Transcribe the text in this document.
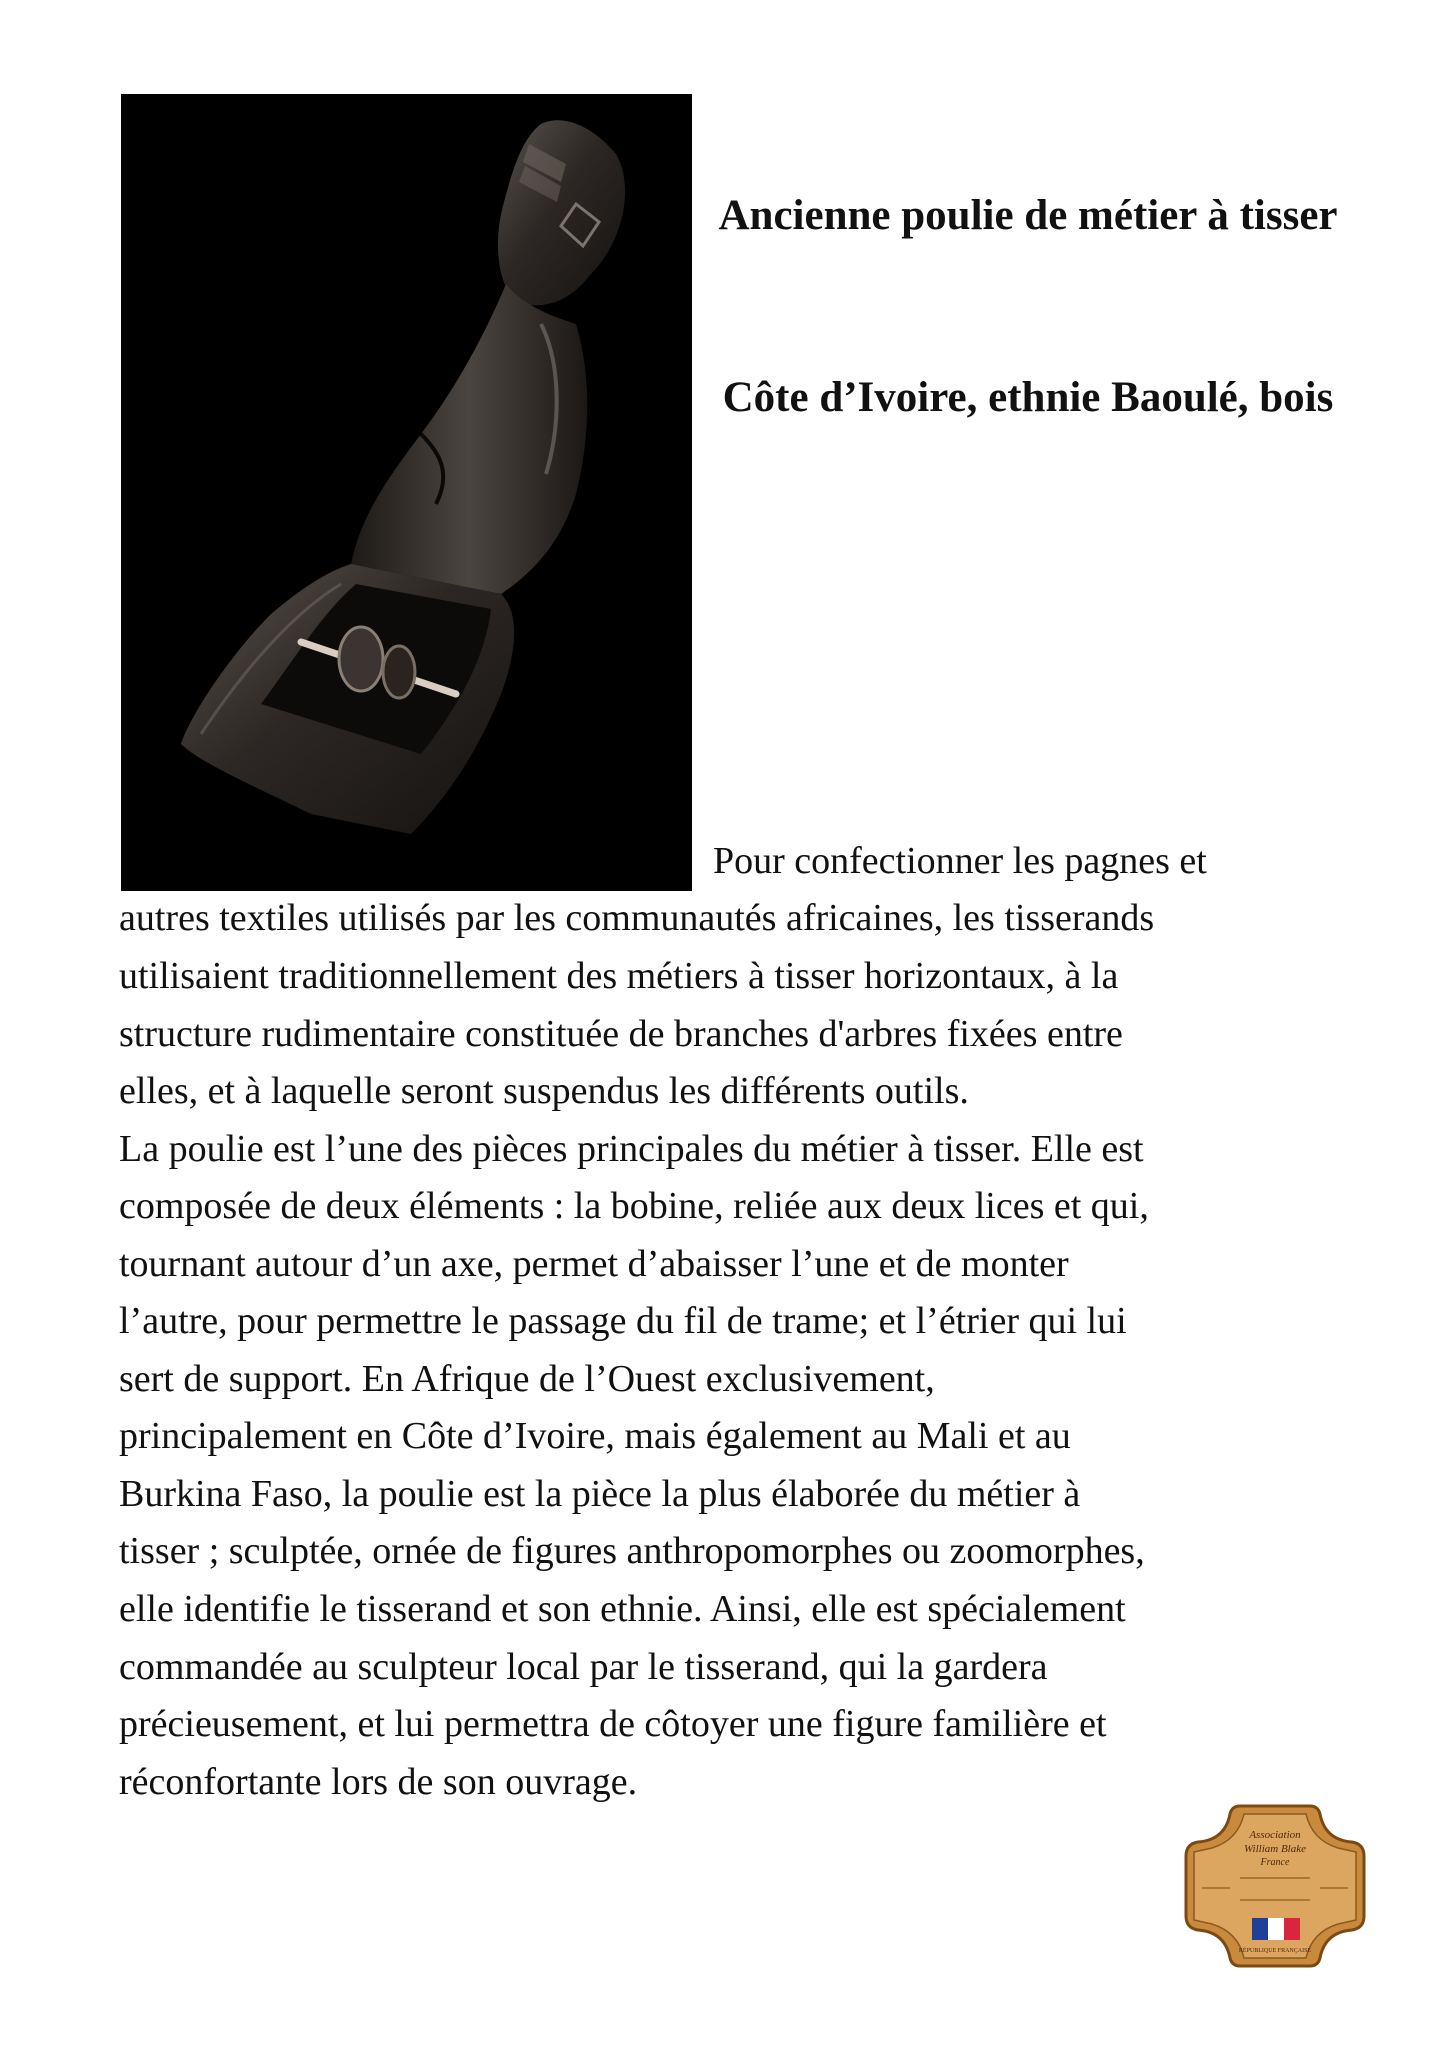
Ancienne poulie de métier à tisser

Côte d’Ivoire, ethnie Baoulé, bois

Pour confectionner les pagnes et

autres textiles utilisés par les communautés africaines, les tisserands

utilisaient traditionnellement des métiers à tisser horizontaux, à la

structure rudimentaire constituée de branches d'arbres fixées entre

elles, et à laquelle seront suspendus les différents outils.

La poulie est l’une des pièces principales du métier à tisser. Elle est

composée de deux éléments : la bobine, reliée aux deux lices et qui,

tournant autour d’un axe, permet d’abaisser l’une et de monter

l’autre, pour permettre le passage du fil de trame; et l’étrier qui lui

sert de support. En Afrique de l’Ouest exclusivement,

principalement en Côte d’Ivoire, mais également au Mali et au

Burkina Faso, la poulie est la pièce la plus élaborée du métier à

tisser ; sculptée, ornée de figures anthropomorphes ou zoomorphes,

elle identifie le tisserand et son ethnie. Ainsi, elle est spécialement

commandée au sculpteur local par le tisserand, qui la gardera

précieusement, et lui permettra de côtoyer une figure familière et

réconfortante lors de son ouvrage.

Association
William Blake
France
RÉPUBLIQUE FRANÇAISE
